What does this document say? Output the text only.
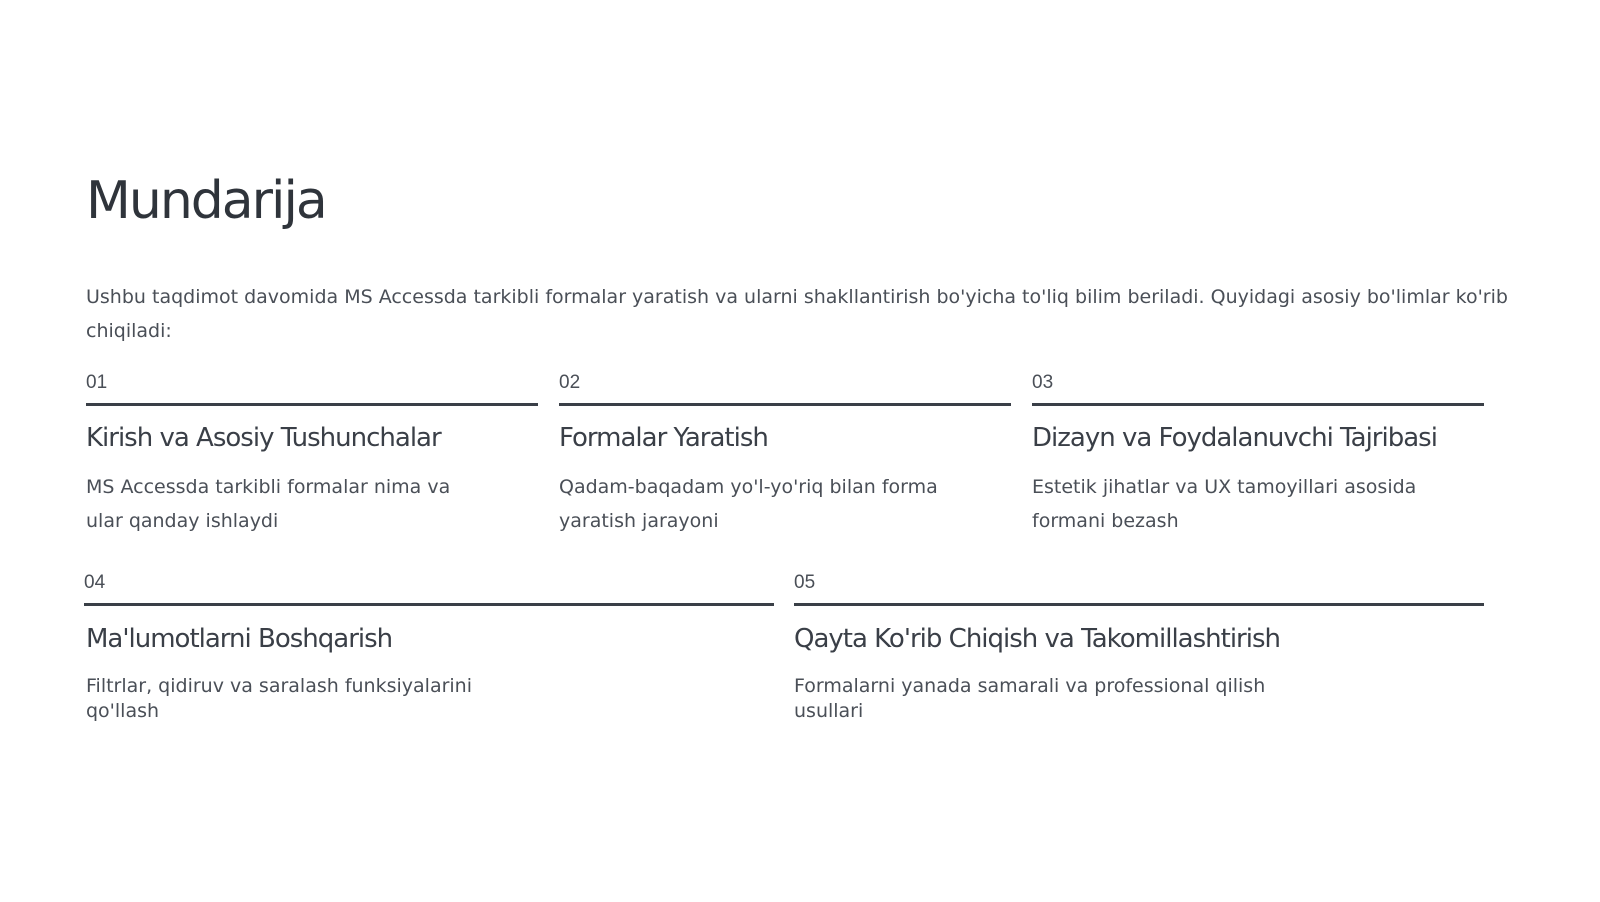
Mundarija

Ushbu taqdimot davomida MS Accessda tarkibli formalar yaratish va ularni shakllantirish bo'yicha to'liq bilim beriladi. Quyidagi asosiy bo'limlar ko'rib chiqiladi:

01
Kirish va Asosiy Tushunchalar
MS Accessda tarkibli formalar nima va ular qanday ishlaydi
02
Formalar Yaratish
Qadam-baqadam yo'l-yo'riq bilan forma yaratish jarayoni
03
Dizayn va Foydalanuvchi Tajribasi
Estetik jihatlar va UX tamoyillari asosida formani bezash
04
Ma'lumotlarni Boshqarish
Filtrlar, qidiruv va saralash funksiyalarini qo'llash
05
Qayta Ko'rib Chiqish va Takomillashtirish
Formalarni yanada samarali va professional qilish usullari
